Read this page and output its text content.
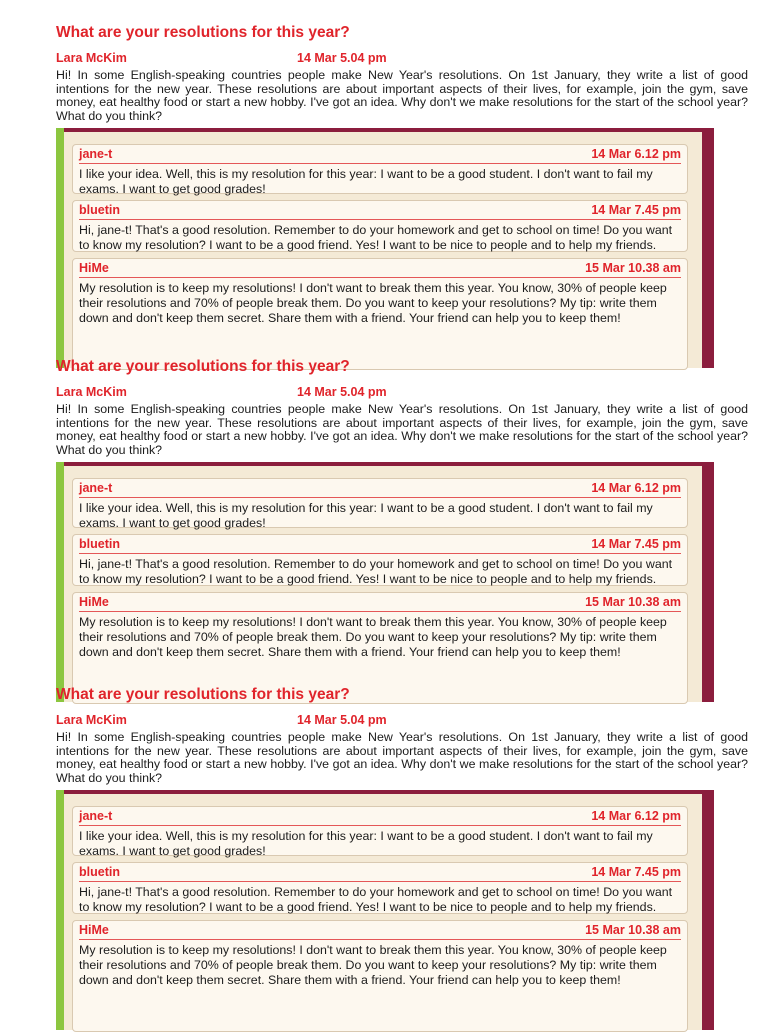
What are your resolutions for this year?
Lara McKim	14 Mar 5.04 pm
Hi! In some English-speaking countries people make New Year's resolutions. On 1st January, they write a list of good intentions for the new year. These resolutions are about important aspects of their lives, for example, join the gym, save money, eat healthy food or start a new hobby. I've got an idea. Why don't we make resolutions for the start of the school year? What do you think?
jane-t	14 Mar 6.12 pm
I like your idea. Well, this is my resolution for this year: I want to be a good student. I don't want to fail my exams. I want to get good grades!
bluetin	14 Mar 7.45 pm
Hi, jane-t! That's a good resolution. Remember to do your homework and get to school on time! Do you want to know my resolution? I want to be a good friend. Yes! I want to be nice to people and to help my friends.
HiMe	15 Mar 10.38 am
My resolution is to keep my resolutions! I don't want to break them this year. You know, 30% of people keep their resolutions and 70% of people break them. Do you want to keep your resolutions? My tip: write them down and don't keep them secret. Share them with a friend. Your friend can help you to keep them!
What are your resolutions for this year?
Lara McKim	14 Mar 5.04 pm
Hi! In some English-speaking countries people make New Year's resolutions. On 1st January, they write a list of good intentions for the new year. These resolutions are about important aspects of their lives, for example, join the gym, save money, eat healthy food or start a new hobby. I've got an idea. Why don't we make resolutions for the start of the school year? What do you think?
jane-t	14 Mar 6.12 pm
I like your idea. Well, this is my resolution for this year: I want to be a good student. I don't want to fail my exams. I want to get good grades!
bluetin	14 Mar 7.45 pm
Hi, jane-t! That's a good resolution. Remember to do your homework and get to school on time! Do you want to know my resolution? I want to be a good friend. Yes! I want to be nice to people and to help my friends.
HiMe	15 Mar 10.38 am
My resolution is to keep my resolutions! I don't want to break them this year. You know, 30% of people keep their resolutions and 70% of people break them. Do you want to keep your resolutions? My tip: write them down and don't keep them secret. Share them with a friend. Your friend can help you to keep them!
What are your resolutions for this year?
Lara McKim	14 Mar 5.04 pm
Hi! In some English-speaking countries people make New Year's resolutions. On 1st January, they write a list of good intentions for the new year. These resolutions are about important aspects of their lives, for example, join the gym, save money, eat healthy food or start a new hobby. I've got an idea. Why don't we make resolutions for the start of the school year? What do you think?
jane-t	14 Mar 6.12 pm
I like your idea. Well, this is my resolution for this year: I want to be a good student. I don't want to fail my exams. I want to get good grades!
bluetin	14 Mar 7.45 pm
Hi, jane-t! That's a good resolution. Remember to do your homework and get to school on time! Do you want to know my resolution? I want to be a good friend. Yes! I want to be nice to people and to help my friends.
HiMe	15 Mar 10.38 am
My resolution is to keep my resolutions! I don't want to break them this year. You know, 30% of people keep their resolutions and 70% of people break them. Do you want to keep your resolutions? My tip: write them down and don't keep them secret. Share them with a friend. Your friend can help you to keep them!
